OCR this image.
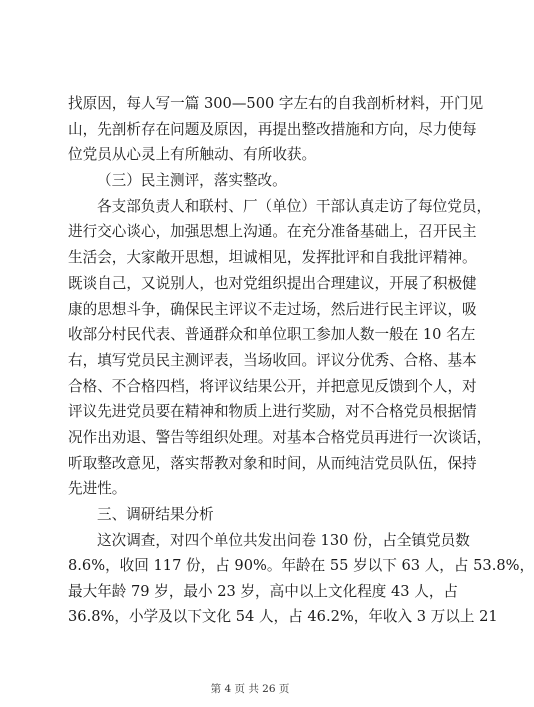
找原因，每人写一篇 300—500 字左右的自我剖析材料，开门见
山，先剖析存在问题及原因，再提出整改措施和方向，尽力使每
位党员从心灵上有所触动、有所收获。
（三）民主测评，落实整改。
各支部负责人和联村、厂（单位）干部认真走访了每位党员，
进行交心谈心，加强思想上沟通。在充分准备基础上，召开民主
生活会，大家敞开思想，坦诚相见，发挥批评和自我批评精神。
既谈自己，又说别人，也对党组织提出合理建议，开展了积极健
康的思想斗争，确保民主评议不走过场，然后进行民主评议，吸
收部分村民代表、普通群众和单位职工参加人数一般在 10 名左
右，填写党员民主测评表，当场收回。评议分优秀、合格、基本
合格、不合格四档，将评议结果公开，并把意见反馈到个人，对
评议先进党员要在精神和物质上进行奖励，对不合格党员根据情
况作出劝退、警告等组织处理。对基本合格党员再进行一次谈话，
听取整改意见，落实帮教对象和时间，从而纯洁党员队伍，保持
先进性。
三、调研结果分析
这次调查，对四个单位共发出问卷 130 份，占全镇党员数
8.6%，收回 117 份，占 90%。年龄在 55 岁以下 63 人，占 53.8%，
最大年龄 79 岁，最小 23 岁，高中以上文化程度 43 人，占
36.8%，小学及以下文化 54 人，占 46.2%，年收入 3 万以上 21
第 4 页 共 26 页
